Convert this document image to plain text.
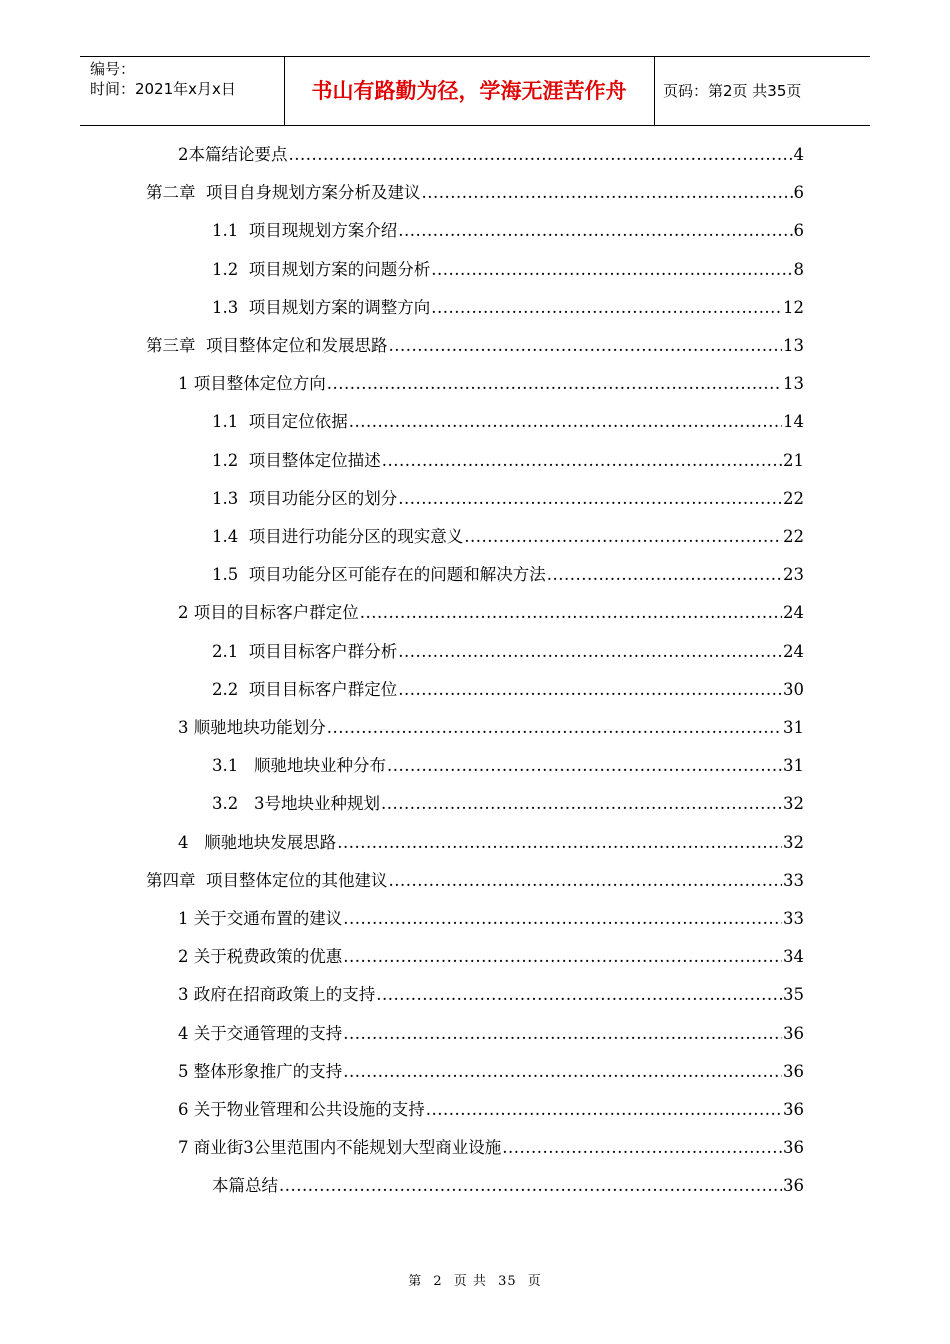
编号：
时间：2021年x月x日	书山有路勤为径，学海无涯苦作舟	页码：第2页 共35页
2本篇结论要点 .....	4
第二章  项目自身规划方案分析及建议 .....	6
1.1  项目现规划方案介绍 .....	6
1.2  项目规划方案的问题分析 .....	8
1.3  项目规划方案的调整方向 .....	12
第三章  项目整体定位和发展思路 .....	13
1 项目整体定位方向 .....	13
1.1  项目定位依据 .....	14
1.2  项目整体定位描述 .....	21
1.3  项目功能分区的划分 .....	22
1.4  项目进行功能分区的现实意义 .....	22
1.5  项目功能分区可能存在的问题和解决方法 .....	23
2 项目的目标客户群定位 .....	24
2.1  项目目标客户群分析 .....	24
2.2  项目目标客户群定位 .....	30
3 顺驰地块功能划分 .....	31
3.1   顺驰地块业种分布 .....	31
3.2   3号地块业种规划 .....	32
4   顺驰地块发展思路 .....	32
第四章  项目整体定位的其他建议 .....	33
1 关于交通布置的建议 .....	33
2 关于税费政策的优惠 .....	34
3 政府在招商政策上的支持 .....	35
4 关于交通管理的支持 .....	36
5 整体形象推广的支持 .....	36
6 关于物业管理和公共设施的支持 .....	36
7 商业街3公里范围内不能规划大型商业设施 .....	36
本篇总结 .....	36
第 2 页 共 35 页
